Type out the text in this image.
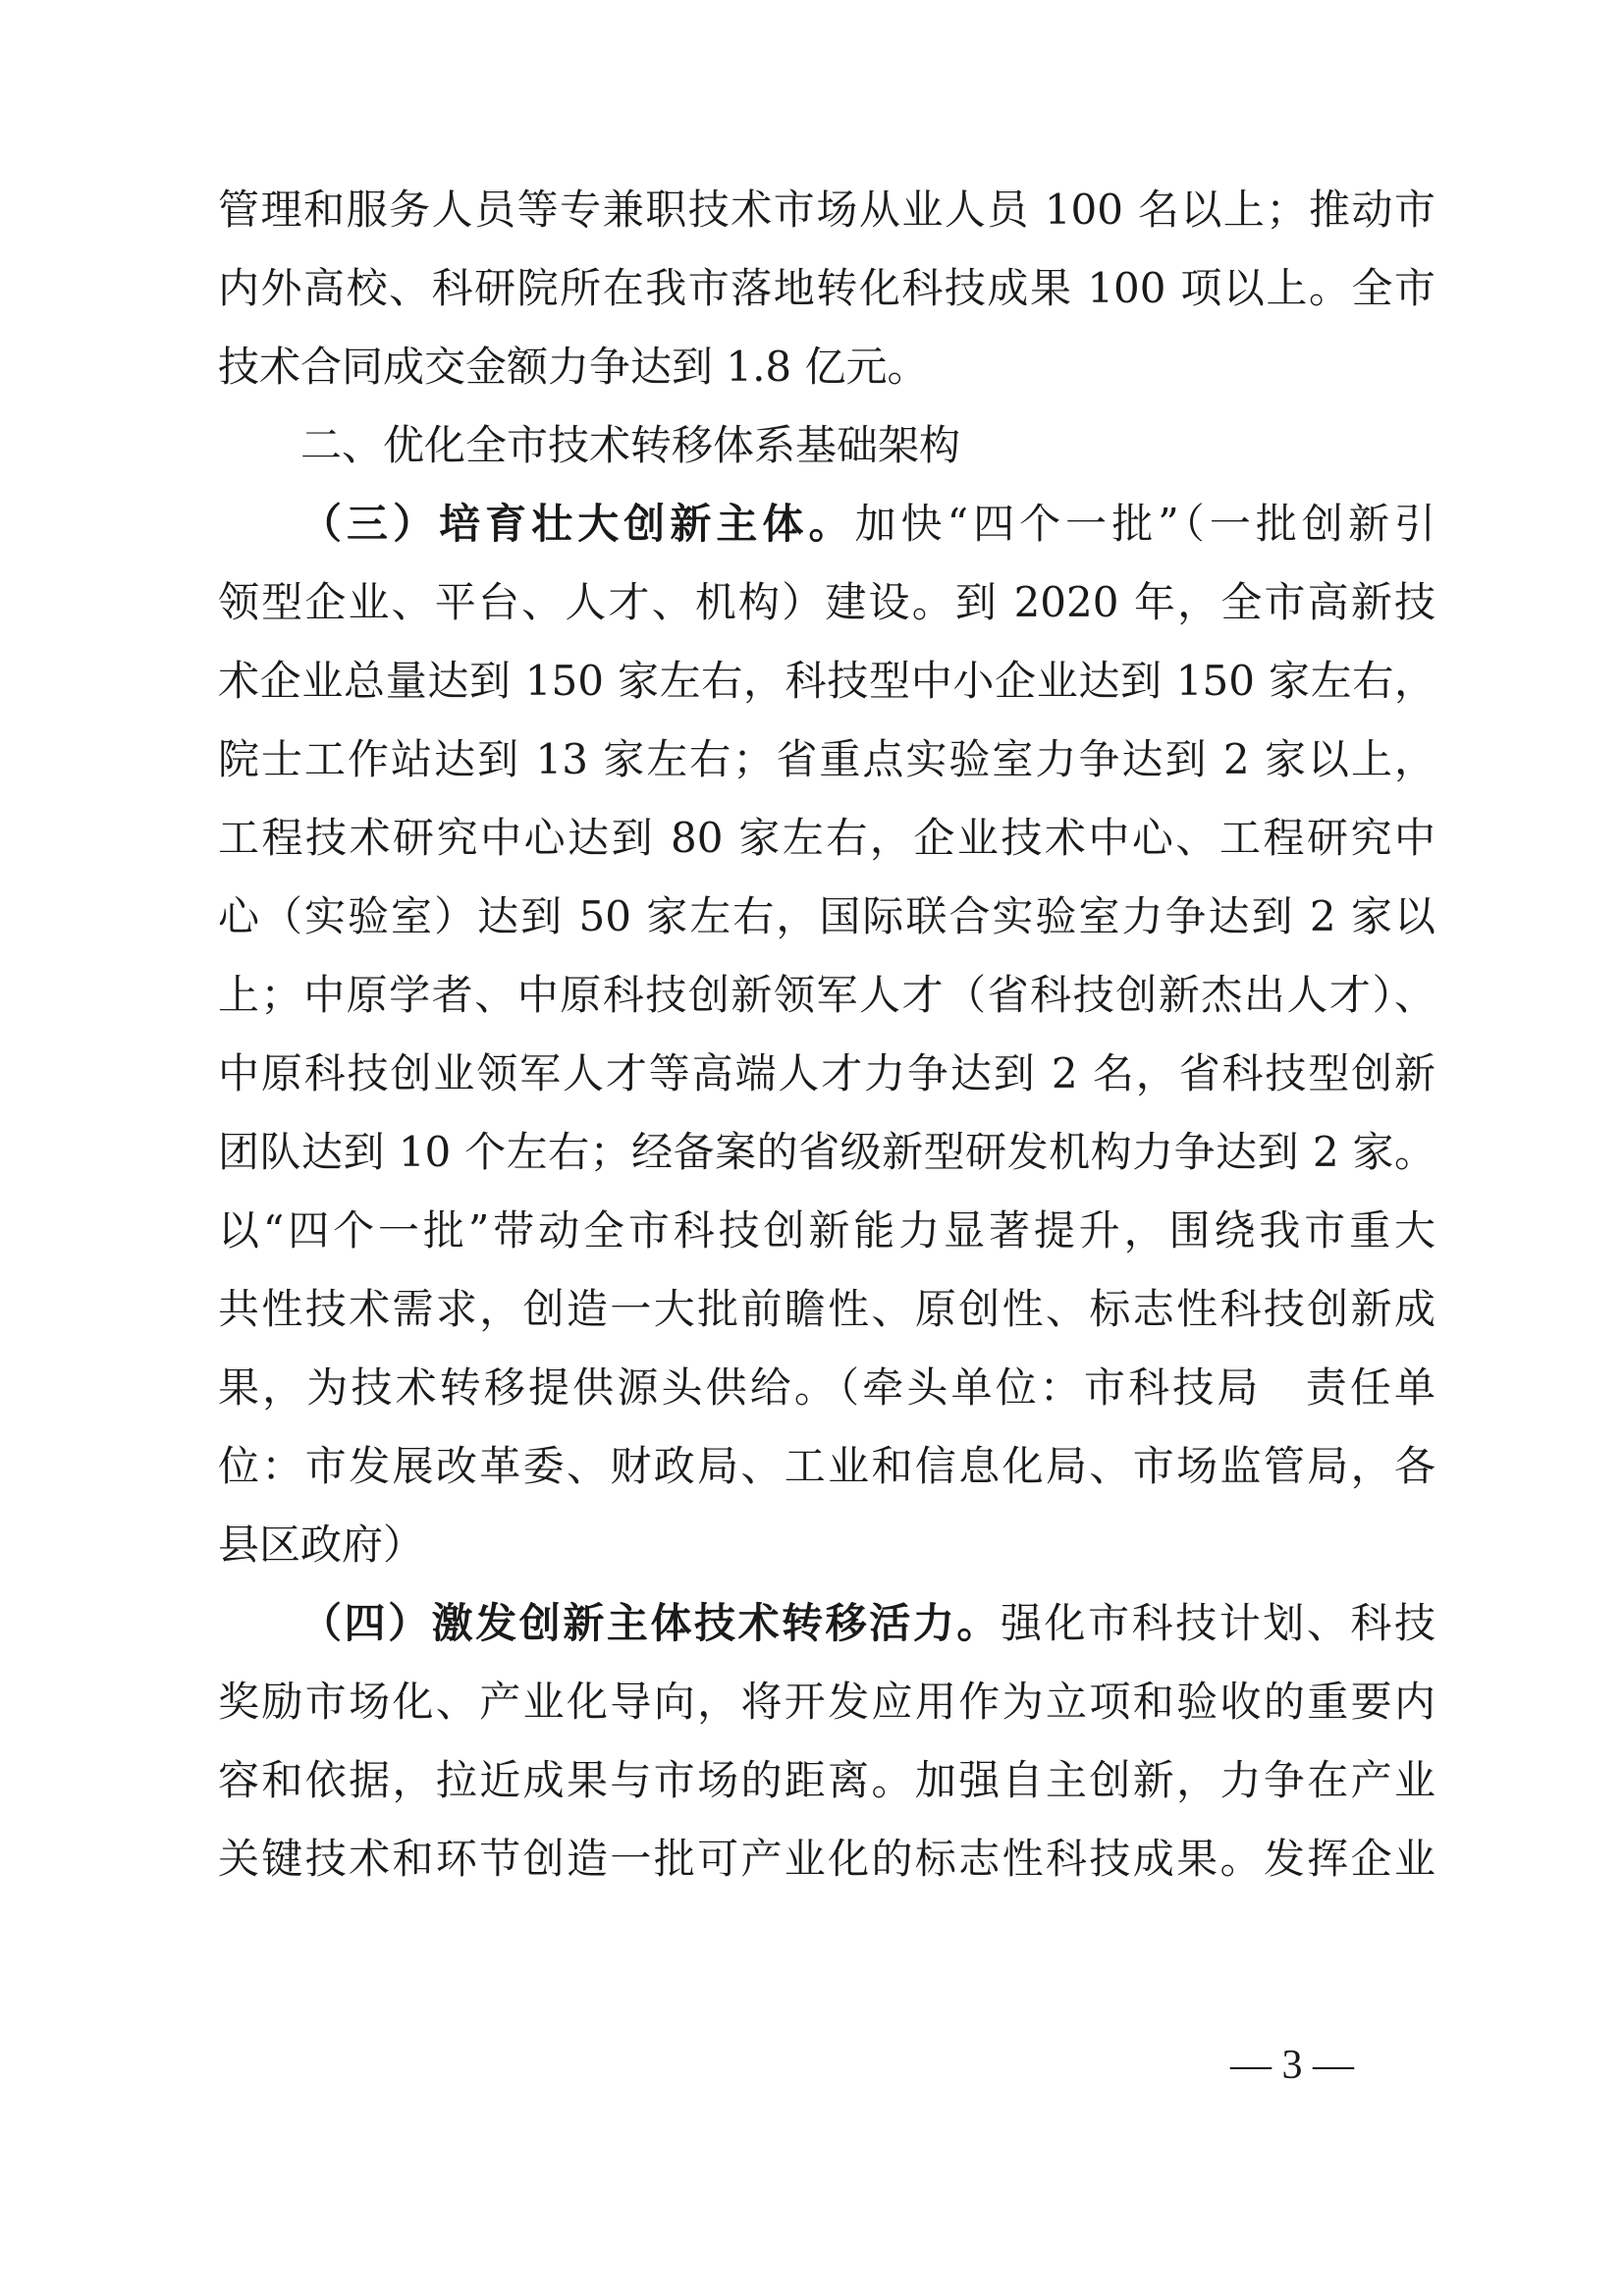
管理和服务人员等专兼职技术市场从业人员 100 名以上；推动市
内外高校、科研院所在我市落地转化科技成果 100 项以上。全市
技术合同成交金额力争达到 1.8 亿元。
二、优化全市技术转移体系基础架构
（三）培育壮大创新主体。加快“四个一批”（一批创新引
领型企业、平台、人才、机构）建设。到 2020 年，全市高新技
术企业总量达到 150 家左右，科技型中小企业达到 150 家左右，
院士工作站达到 13 家左右；省重点实验室力争达到 2 家以上，
工程技术研究中心达到 80 家左右，企业技术中心、工程研究中
心（实验室）达到 50 家左右，国际联合实验室力争达到 2 家以
上；中原学者、中原科技创新领军人才（省科技创新杰出人才）、
中原科技创业领军人才等高端人才力争达到 2 名，省科技型创新
团队达到 10 个左右；经备案的省级新型研发机构力争达到 2 家。
以“四个一批”带动全市科技创新能力显著提升，围绕我市重大
共性技术需求，创造一大批前瞻性、原创性、标志性科技创新成
果，为技术转移提供源头供给。（牵头单位：市科技局　责任单
位：市发展改革委、财政局、工业和信息化局、市场监管局，各
县区政府）
（四）激发创新主体技术转移活力。强化市科技计划、科技
奖励市场化、产业化导向，将开发应用作为立项和验收的重要内
容和依据，拉近成果与市场的距离。加强自主创新，力争在产业
关键技术和环节创造一批可产业化的标志性科技成果。发挥企业
— 3 —
